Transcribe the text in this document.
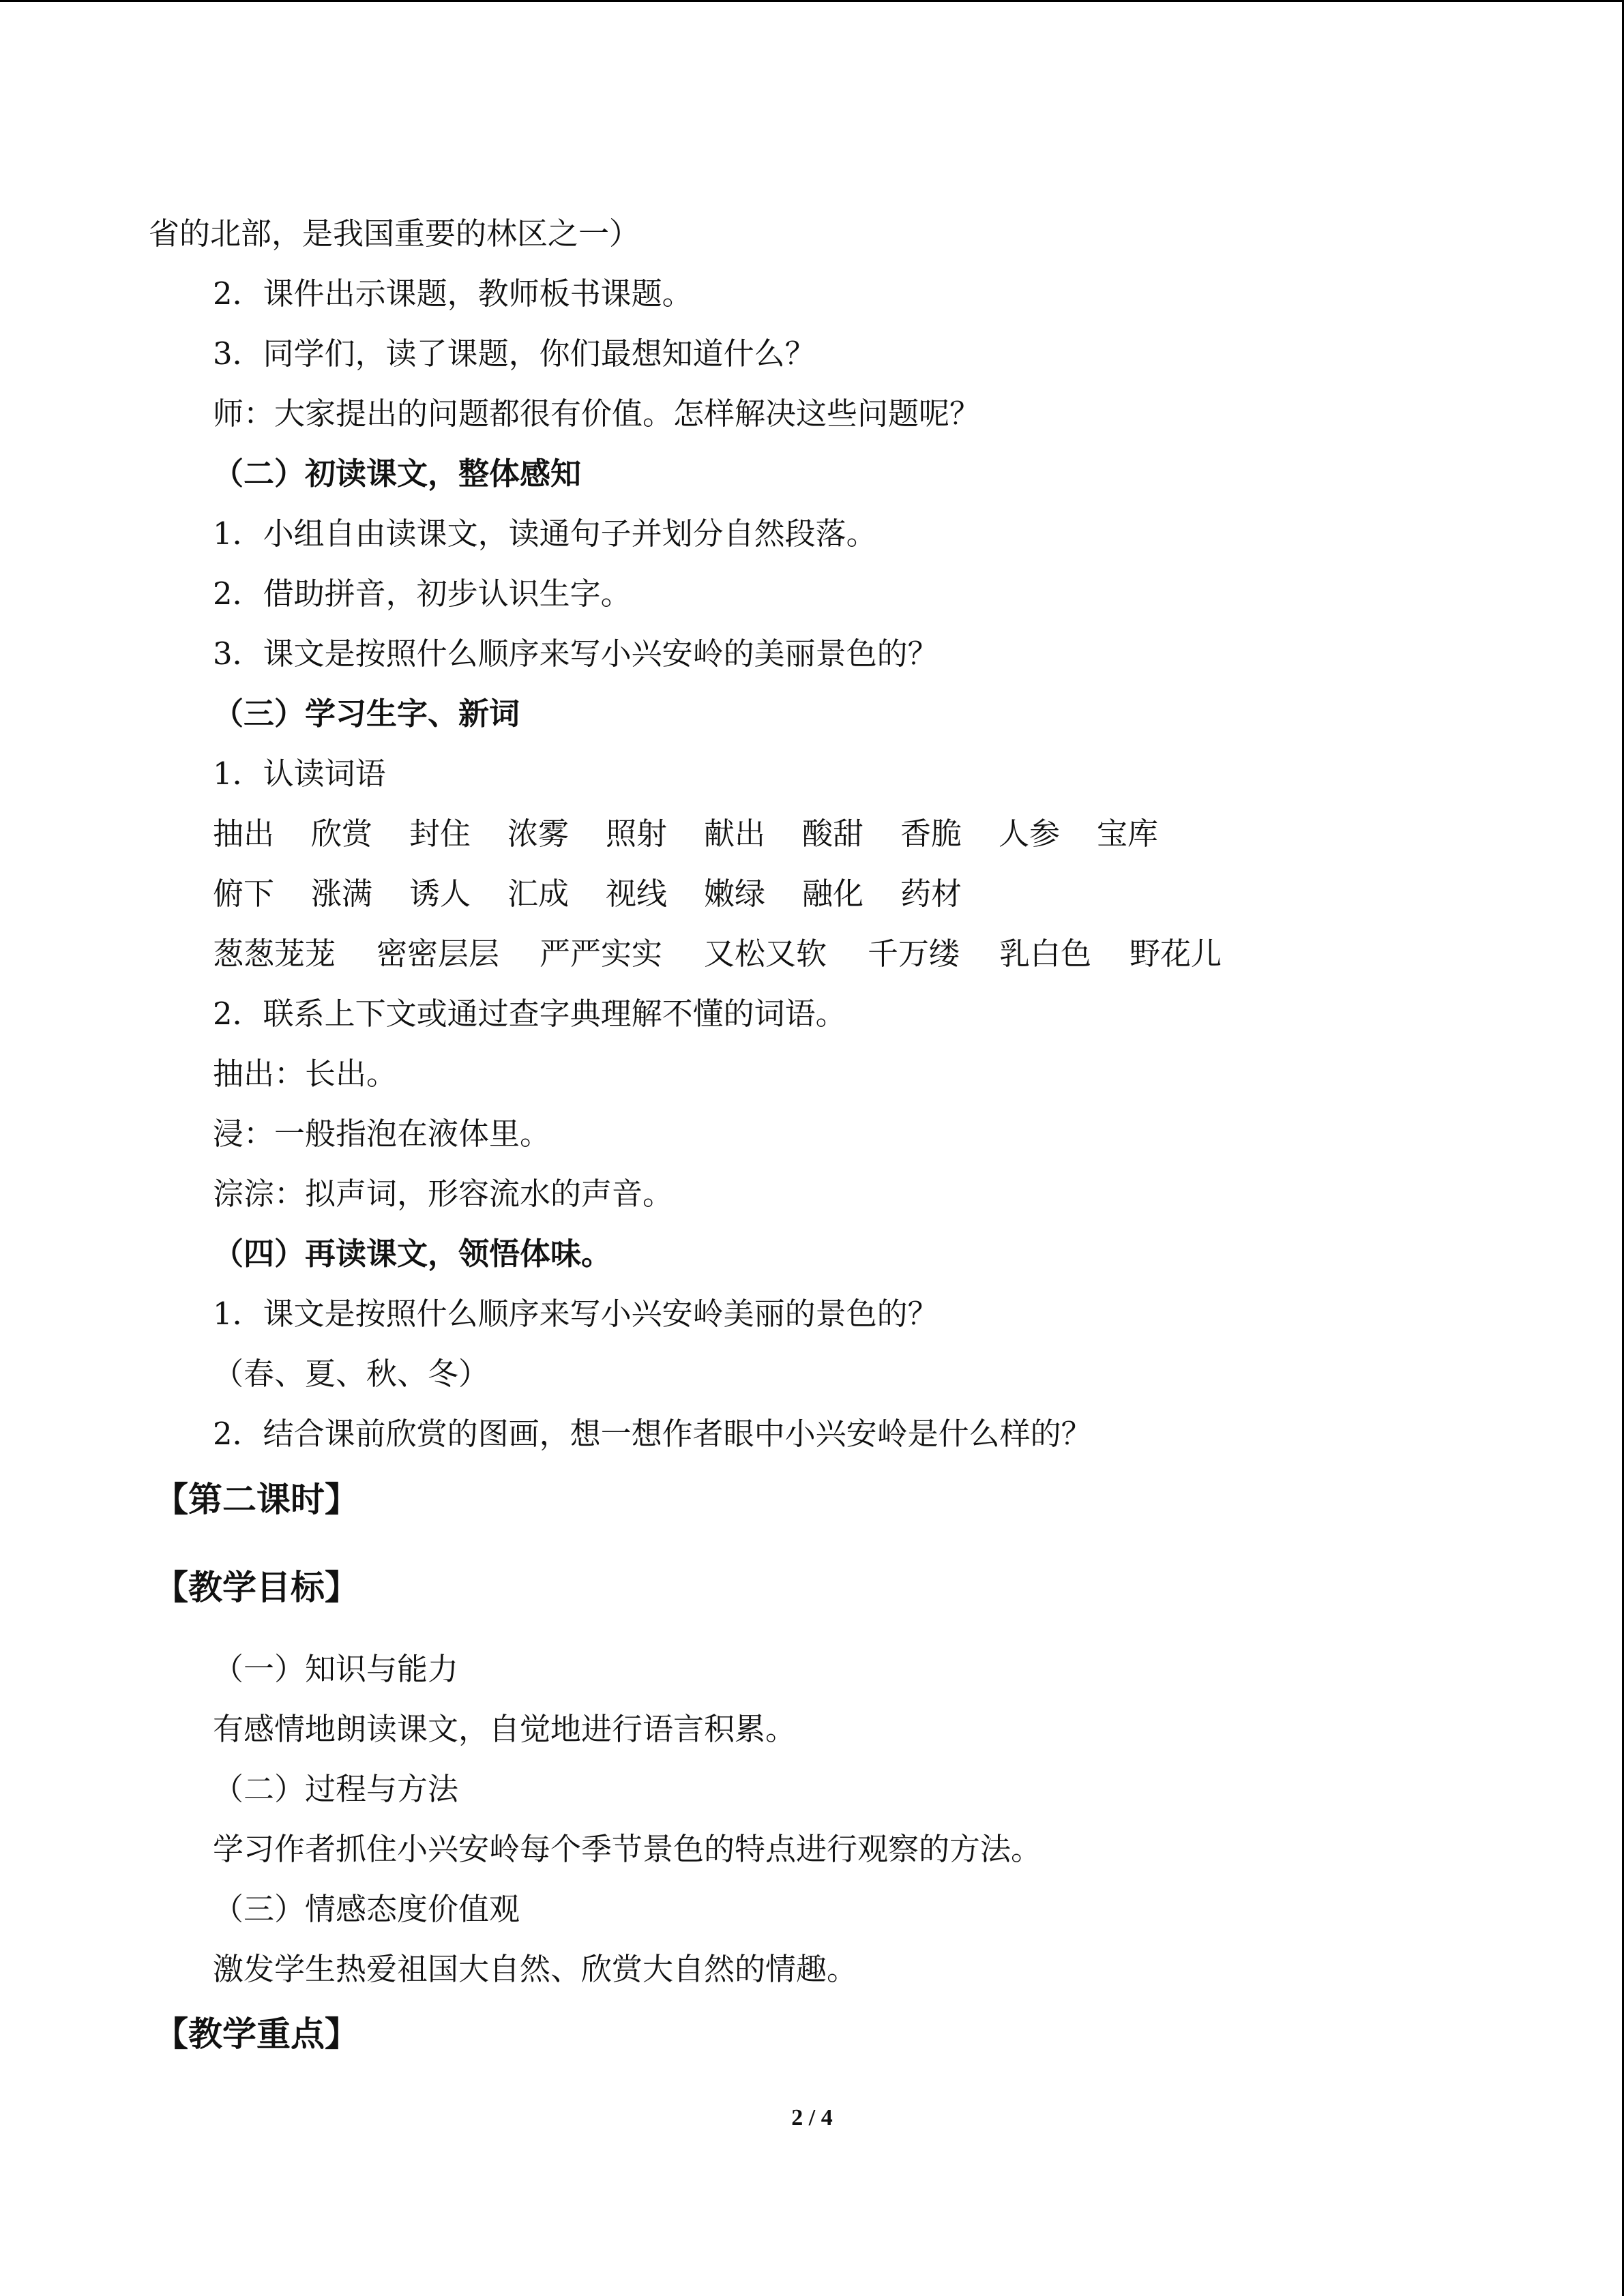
省的北部，是我国重要的林区之一）

2．课件出示课题，教师板书课题。

3．同学们，读了课题，你们最想知道什么？

师：大家提出的问题都很有价值。怎样解决这些问题呢？

（二）初读课文，整体感知

1．小组自由读课文，读通句子并划分自然段落。

2．借助拼音，初步认识生字。

3．课文是按照什么顺序来写小兴安岭的美丽景色的？

（三）学习生字、新词

1．认读词语

抽出 欣赏 封住 浓雾 照射 献出 酸甜 香脆 人参 宝库
俯下 涨满 诱人 汇成 视线 嫩绿 融化 药材
葱葱茏茏 密密层层 严严实实 又松又软 千万缕 乳白色 野花儿

2．联系上下文或通过查字典理解不懂的词语。

抽出：长出。

浸：一般指泡在液体里。

淙淙：拟声词，形容流水的声音。

（四）再读课文，领悟体味。

1．课文是按照什么顺序来写小兴安岭美丽的景色的？

（春、夏、秋、冬）

2．结合课前欣赏的图画，想一想作者眼中小兴安岭是什么样的？

【第二课时】

【教学目标】

（一）知识与能力

有感情地朗读课文，自觉地进行语言积累。

（二）过程与方法

学习作者抓住小兴安岭每个季节景色的特点进行观察的方法。

（三）情感态度价值观

激发学生热爱祖国大自然、欣赏大自然的情趣。

【教学重点】

2 / 4
